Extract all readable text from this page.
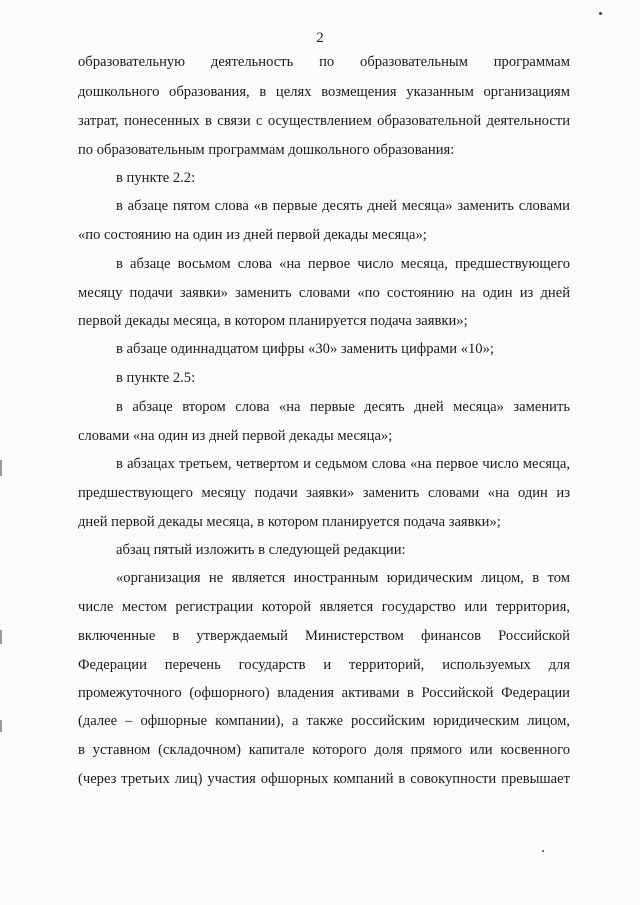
2
образовательную деятельность по образовательным программам
дошкольного образования, в целях возмещения указанным организациям
затрат, понесенных в связи с осуществлением образовательной деятельности
по образовательным программам дошкольного образования:
в пункте 2.2:
в абзаце пятом слова «в первые десять дней месяца» заменить словами
«по состоянию на один из дней первой декады месяца»;
в абзаце восьмом слова «на первое число месяца, предшествующего
месяцу подачи заявки» заменить словами «по состоянию на один из дней
первой декады месяца, в котором планируется подача заявки»;
в абзаце одиннадцатом цифры «30» заменить цифрами «10»;
в пункте 2.5:
в абзаце втором слова «на первые десять дней месяца» заменить
словами «на один из дней первой декады месяца»;
в абзацах третьем, четвертом и седьмом слова «на первое число месяца,
предшествующего месяцу подачи заявки» заменить словами «на один из
дней первой декады месяца, в котором планируется подача заявки»;
абзац пятый изложить в следующей редакции:
«организация не является иностранным юридическим лицом, в том
числе местом регистрации которой является государство или территория,
включенные в утверждаемый Министерством финансов Российской
Федерации перечень государств и территорий, используемых для
промежуточного (офшорного) владения активами в Российской Федерации
(далее – офшорные компании), а также российским юридическим лицом,
в уставном (складочном) капитале которого доля прямого или косвенного
(через третьих лиц) участия офшорных компаний в совокупности превышает
